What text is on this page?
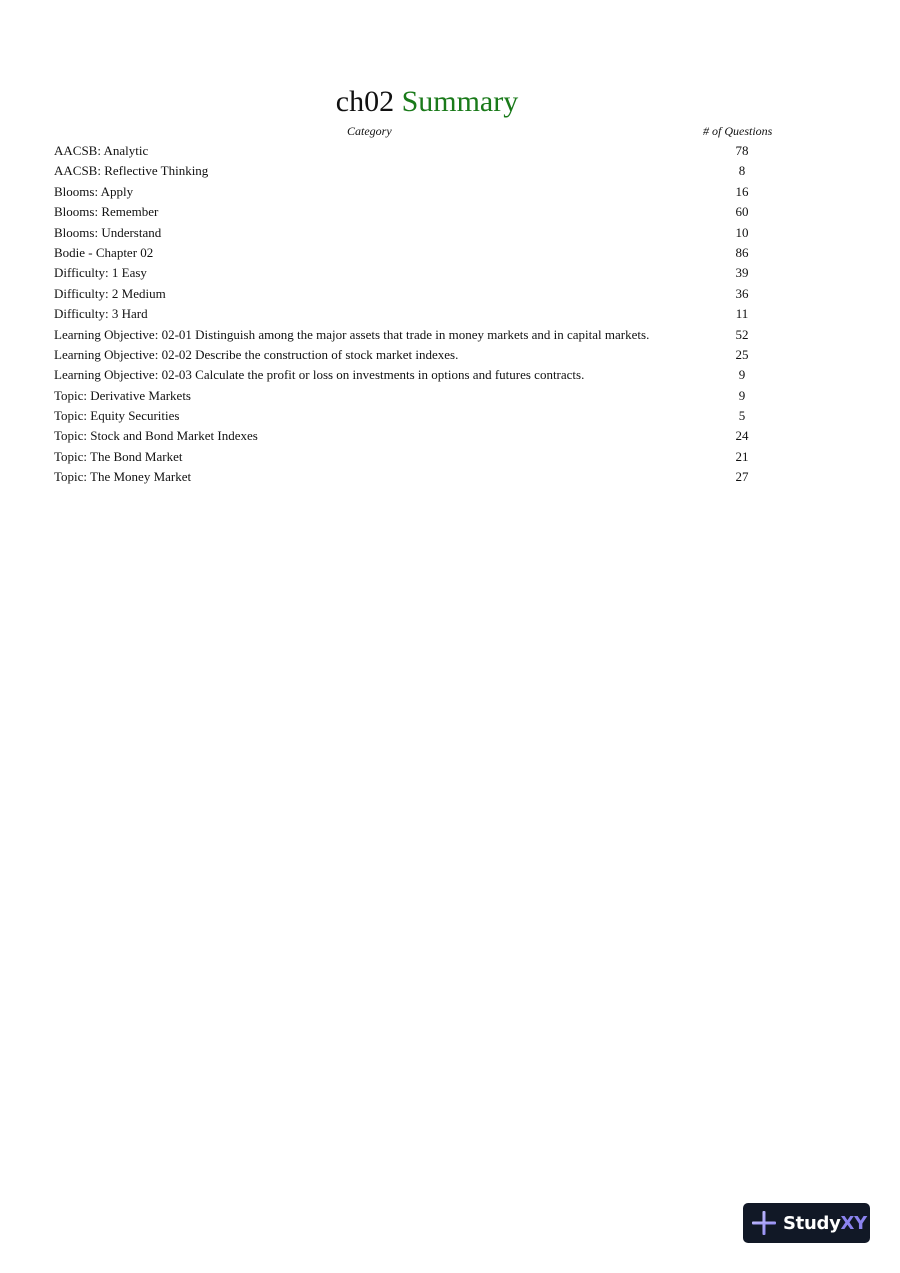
ch02 Summary
Category	# of Questions
AACSB: Analytic	78
AACSB: Reflective Thinking	8
Blooms: Apply	16
Blooms: Remember	60
Blooms: Understand	10
Bodie - Chapter 02	86
Difficulty: 1 Easy	39
Difficulty: 2 Medium	36
Difficulty: 3 Hard	11
Learning Objective: 02-01 Distinguish among the major assets that trade in money markets and in capital markets.	52
Learning Objective: 02-02 Describe the construction of stock market indexes.	25
Learning Objective: 02-03 Calculate the profit or loss on investments in options and futures contracts.	9
Topic: Derivative Markets	9
Topic: Equity Securities	5
Topic: Stock and Bond Market Indexes	24
Topic: The Bond Market	21
Topic: The Money Market	27
StudyXY
